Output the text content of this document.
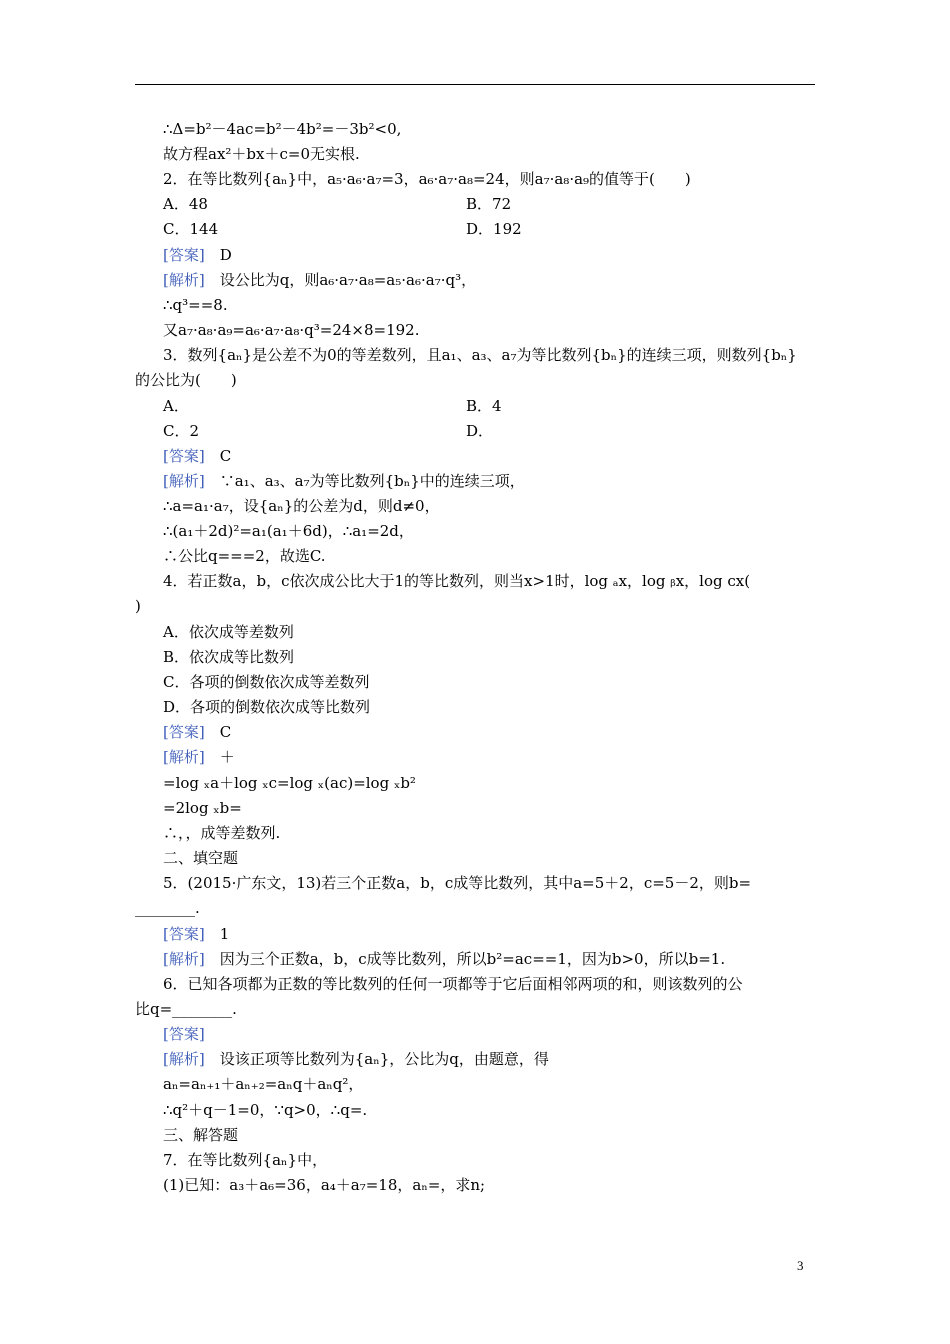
∴Δ=b²－4ac=b²－4b²=－3b²<0,
故方程ax²＋bx＋c=0无实根.
2．在等比数列{aₙ}中，a₅·a₆·a₇=3，a₆·a₇·a₈=24，则a₇·a₈·a₉的值等于(　　)
A．48	B．72
C．144	D．192
[答案]　 D
[解析]　 设公比为q，则a₆·a₇·a₈=a₅·a₆·a₇·q³，
∴q³==8.
又a₇·a₈·a₉=a₆·a₇·a₈·q³=24×8=192.
3．数列{aₙ}是公差不为0的等差数列，且a₁、a₃、a₇为等比数列{bₙ}的连续三项，则数列{bₙ}
的公比为(　　)
A．	B．4
C．2	D．
[答案]　 C
[解析]　 ∵a₁、a₃、a₇为等比数列{bₙ}中的连续三项，
∴a=a₁·a₇，设{aₙ}的公差为d，则d≠0，
∴(a₁＋2d)²=a₁(a₁＋6d)，∴a₁=2d，
∴公比q===2，故选C.
4．若正数a，b，c依次成公比大于1的等比数列，则当x>1时，log ₐx，log ᵦx，log ᴄx(
)
A．依次成等差数列
B．依次成等比数列
C．各项的倒数依次成等差数列
D．各项的倒数依次成等比数列
[答案]　 C
[解析]　 ＋
=log ₓa＋log ₓc=log ₓ(ac)=log ₓb²
=2log ₓb=
∴，，成等差数列.
二、填空题
5．(2015·广东文，13)若三个正数a，b，c成等比数列，其中a=5＋2，c=5－2，则b=
________.
[答案]　 1
[解析]　 因为三个正数a，b，c成等比数列，所以b²=ac==1，因为b>0，所以b=1.
6．已知各项都为正数的等比数列的任何一项都等于它后面相邻两项的和，则该数列的公
比q=________.
[答案]
[解析]　 设该正项等比数列为{aₙ}，公比为q，由题意，得
aₙ=aₙ₊₁＋aₙ₊₂=aₙq＋aₙq²，
∴q²＋q－1=0，∵q>0，∴q=.
三、解答题
7．在等比数列{aₙ}中，
(1)已知：a₃＋a₆=36，a₄＋a₇=18，aₙ=，求n;
3
